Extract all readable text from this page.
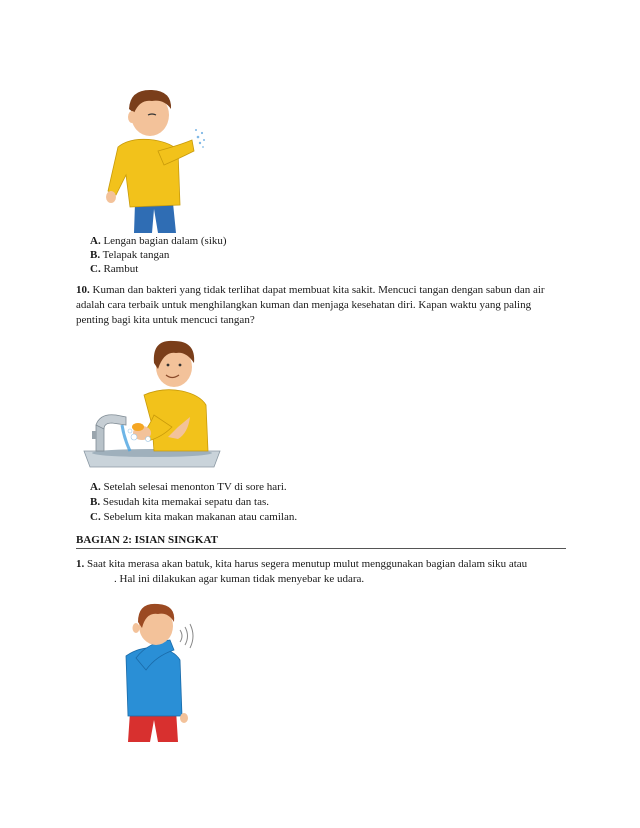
A. Lengan bagian dalam (siku)
B. Telapak tangan
C. Rambut
10. Kuman dan bakteri yang tidak terlihat dapat membuat kita sakit. Mencuci tangan dengan sabun dan air adalah cara terbaik untuk menghilangkan kuman dan menjaga kesehatan diri. Kapan waktu yang paling penting bagi kita untuk mencuci tangan?
A. Setelah selesai menonton TV di sore hari.
B. Sesudah kita memakai sepatu dan tas.
C. Sebelum kita makan makanan atau camilan.
BAGIAN 2: ISIAN SINGKAT
1. Saat kita merasa akan batuk, kita harus segera menutup mulut menggunakan bagian dalam siku atau
. Hal ini dilakukan agar kuman tidak menyebar ke udara.
